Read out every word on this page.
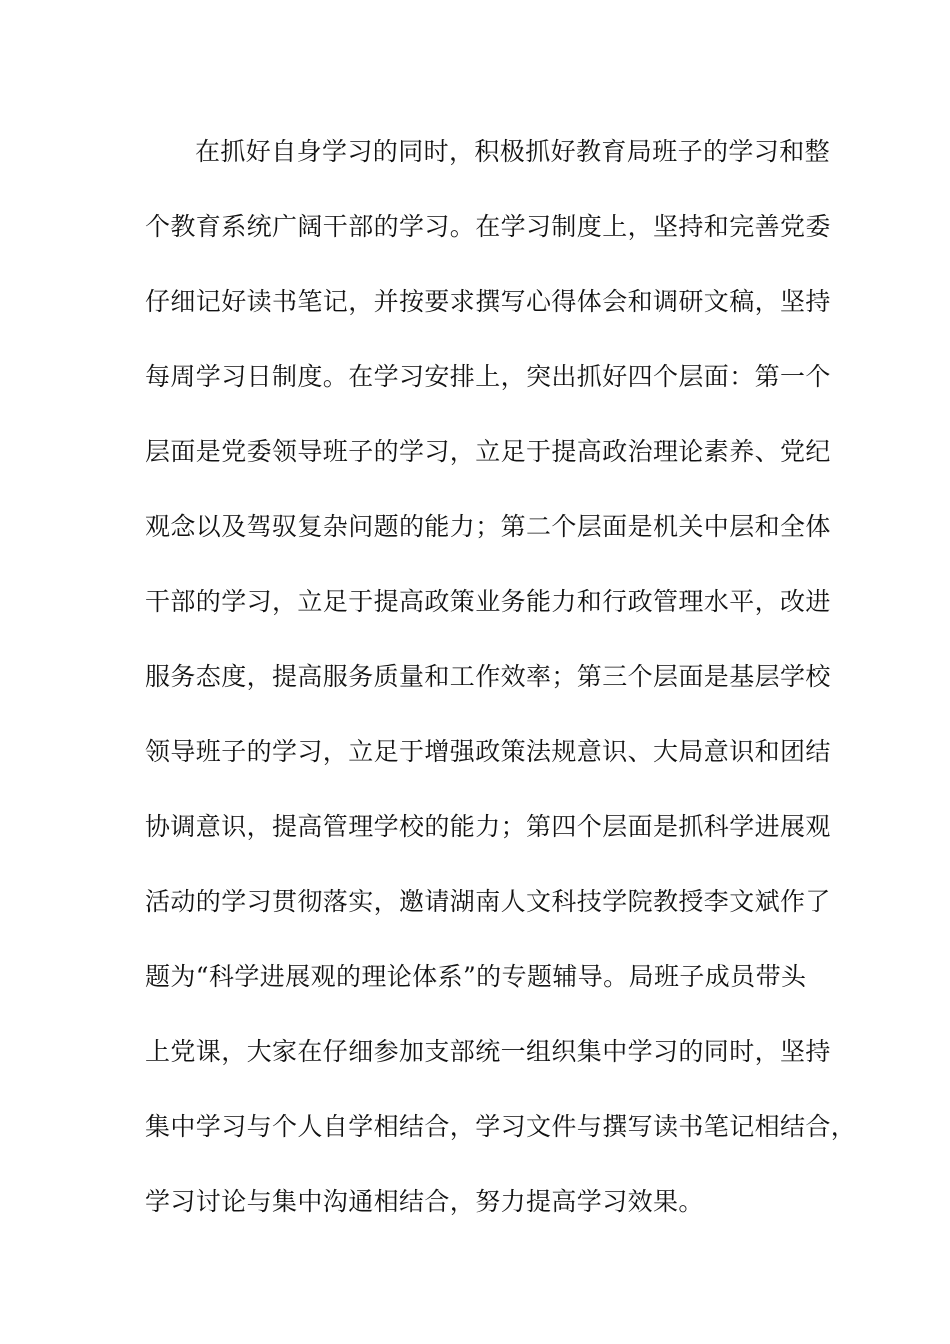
在抓好自身学习的同时，积极抓好教育局班子的学习和整
个教育系统广阔干部的学习。在学习制度上，坚持和完善党委
仔细记好读书笔记，并按要求撰写心得体会和调研文稿，坚持
每周学习日制度。在学习安排上，突出抓好四个层面：第一个
层面是党委领导班子的学习，立足于提高政治理论素养、党纪
观念以及驾驭复杂问题的能力；第二个层面是机关中层和全体
干部的学习，立足于提高政策业务能力和行政管理水平，改进
服务态度，提高服务质量和工作效率；第三个层面是基层学校
领导班子的学习，立足于增强政策法规意识、大局意识和团结
协调意识，提高管理学校的能力；第四个层面是抓科学进展观
活动的学习贯彻落实，邀请湖南人文科技学院教授李文斌作了
题为“科学进展观的理论体系”的专题辅导。局班子成员带头
上党课，大家在仔细参加支部统一组织集中学习的同时，坚持
集中学习与个人自学相结合，学习文件与撰写读书笔记相结合，
学习讨论与集中沟通相结合，努力提高学习效果。
